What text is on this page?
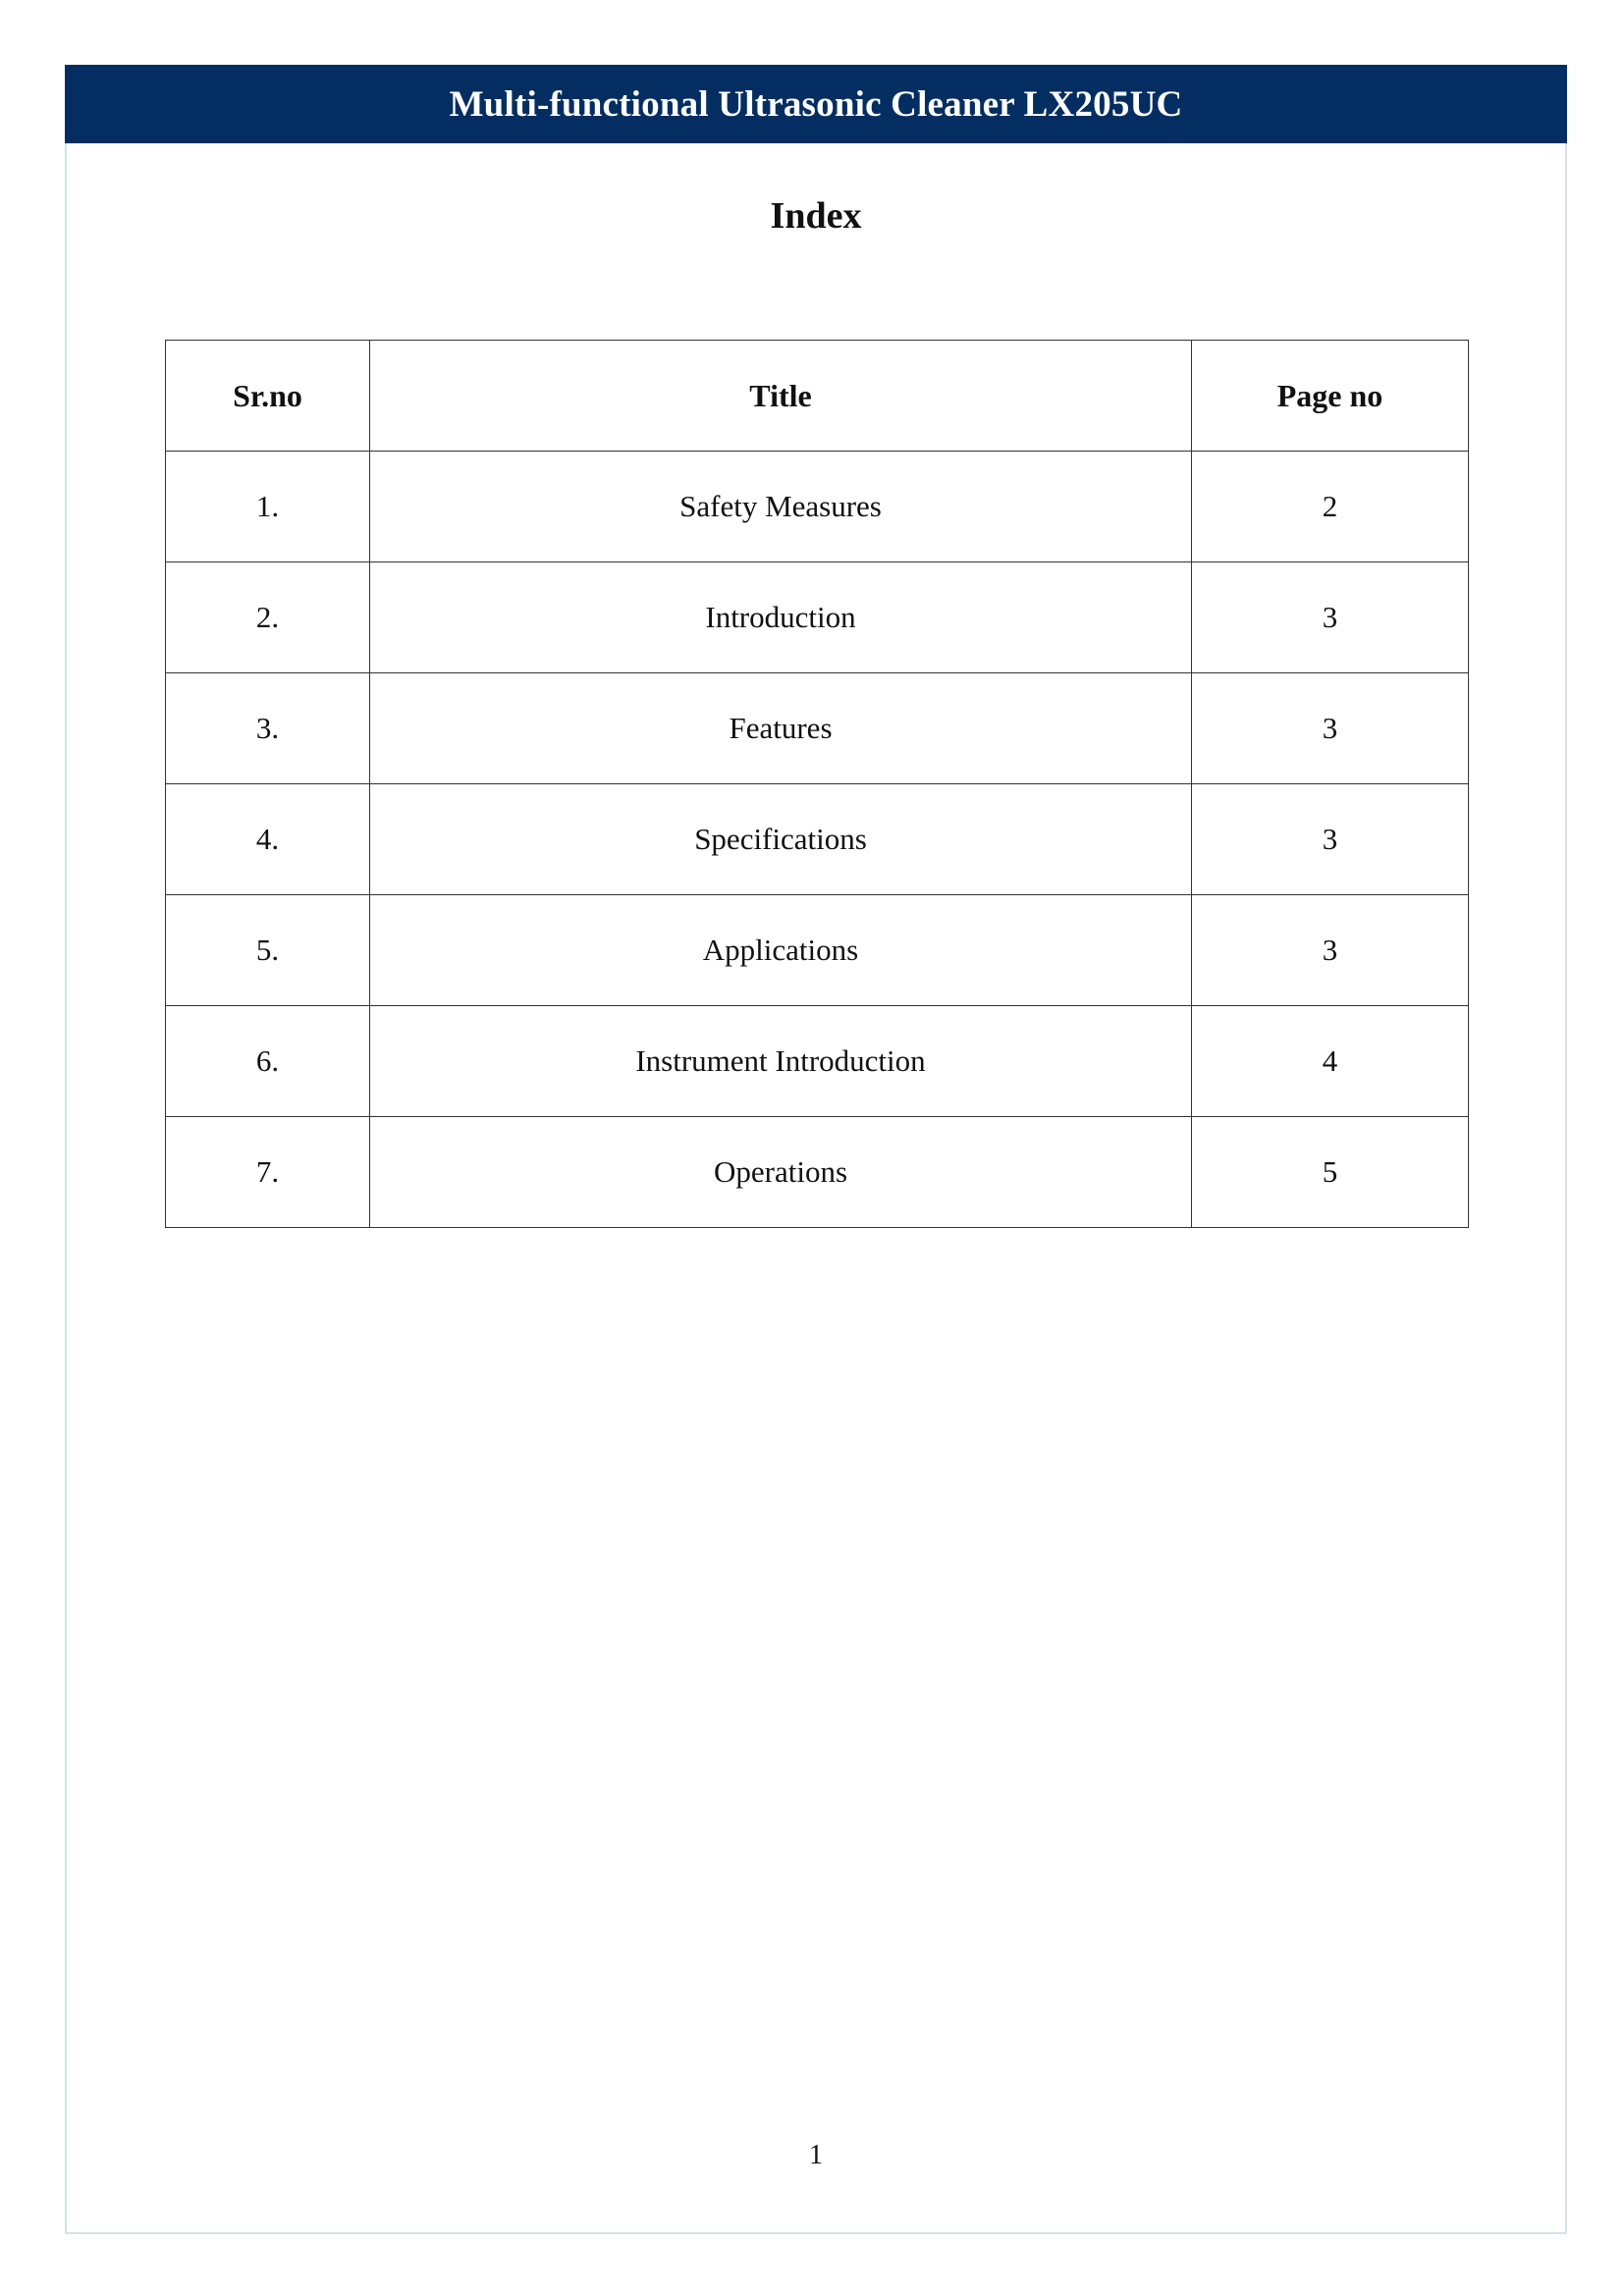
Multi-functional Ultrasonic Cleaner LX205UC
Index
Sr.no	Title	Page no
1.	Safety Measures	2
2.	Introduction	3
3.	Features	3
4.	Specifications	3
5.	Applications	3
6.	Instrument Introduction	4
7.	Operations	5
1
